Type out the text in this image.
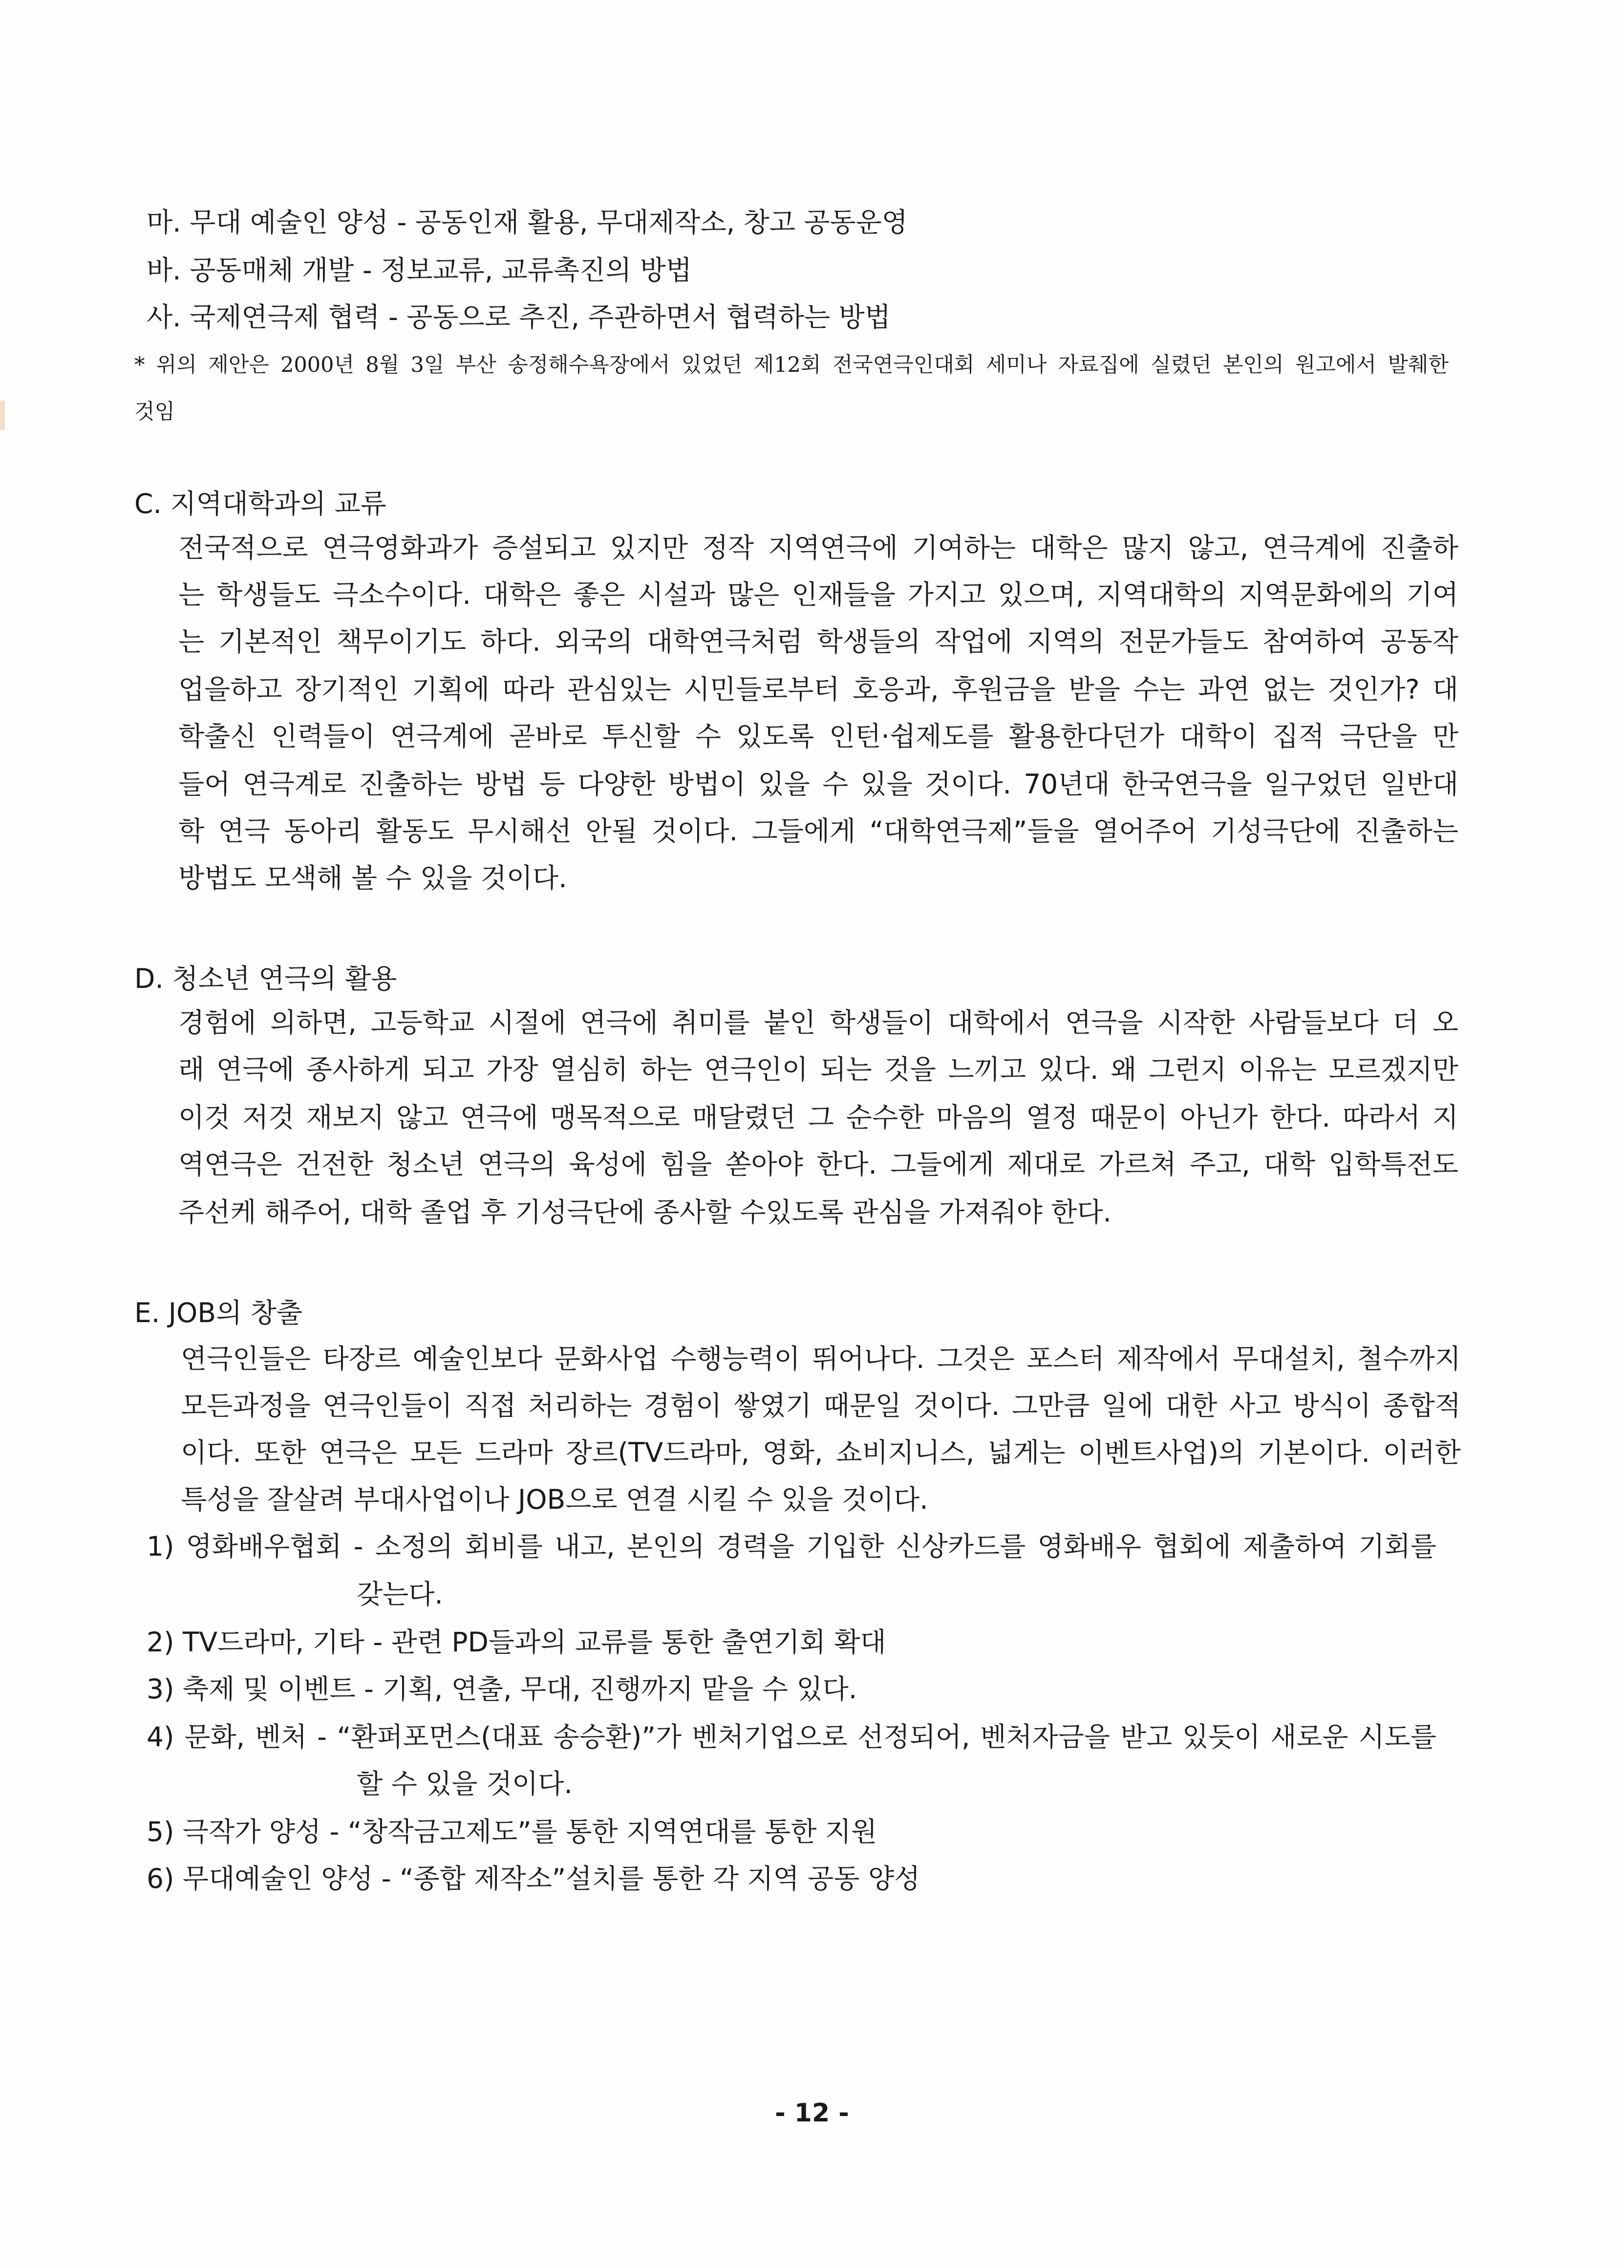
마. 무대 예술인 양성 - 공동인재 활용, 무대제작소, 창고 공동운영
바. 공동매체 개발 - 정보교류, 교류촉진의 방법
사. 국제연극제 협력 - 공동으로 추진, 주관하면서 협력하는 방법
* 위의 제안은 2000년 8월 3일 부산 송정해수욕장에서 있었던 제12회 전국연극인대회 세미나 자료집에 실렸던 본인의 원고에서 발췌한
것임
C. 지역대학과의 교류
전국적으로 연극영화과가 증설되고 있지만 정작 지역연극에 기여하는 대학은 많지 않고, 연극계에 진출하
는 학생들도 극소수이다. 대학은 좋은 시설과 많은 인재들을 가지고 있으며, 지역대학의 지역문화에의 기여
는 기본적인 책무이기도 하다. 외국의 대학연극처럼 학생들의 작업에 지역의 전문가들도 참여하여 공동작
업을하고 장기적인 기획에 따라 관심있는 시민들로부터 호응과, 후원금을 받을 수는 과연 없는 것인가? 대
학출신 인력들이 연극계에 곧바로 투신할 수 있도록 인턴·쉽제도를 활용한다던가 대학이 집적 극단을 만
들어 연극계로 진출하는 방법 등 다양한 방법이 있을 수 있을 것이다. 70년대 한국연극을 일구었던 일반대
학 연극 동아리 활동도 무시해선 안될 것이다. 그들에게 “대학연극제”들을 열어주어 기성극단에 진출하는
방법도 모색해 볼 수 있을 것이다.
D. 청소년 연극의 활용
경험에 의하면, 고등학교 시절에 연극에 취미를 붙인 학생들이 대학에서 연극을 시작한 사람들보다 더 오
래 연극에 종사하게 되고 가장 열심히 하는 연극인이 되는 것을 느끼고 있다. 왜 그런지 이유는 모르겠지만
이것 저것 재보지 않고 연극에 맹목적으로 매달렸던 그 순수한 마음의 열정 때문이 아닌가 한다. 따라서 지
역연극은 건전한 청소년 연극의 육성에 힘을 쏟아야 한다. 그들에게 제대로 가르쳐 주고, 대학 입학특전도
주선케 해주어, 대학 졸업 후 기성극단에 종사할 수있도록 관심을 가져줘야 한다.
E. JOB의 창출
연극인들은 타장르 예술인보다 문화사업 수행능력이 뛰어나다. 그것은 포스터 제작에서 무대설치, 철수까지
모든과정을 연극인들이 직접 처리하는 경험이 쌓였기 때문일 것이다. 그만큼 일에 대한 사고 방식이 종합적
이다. 또한 연극은 모든 드라마 장르(TV드라마, 영화, 쇼비지니스, 넓게는 이벤트사업)의 기본이다. 이러한
특성을 잘살려 부대사업이나 JOB으로 연결 시킬 수 있을 것이다.
1) 영화배우협회 - 소정의 회비를 내고, 본인의 경력을 기입한 신상카드를 영화배우 협회에 제출하여 기회를
갖는다.
2) TV드라마, 기타 - 관련 PD들과의 교류를 통한 출연기회 확대
3) 축제 및 이벤트 - 기획, 연출, 무대, 진행까지 맡을 수 있다.
4) 문화, 벤처 - “환퍼포먼스(대표 송승환)”가 벤처기업으로 선정되어, 벤처자금을 받고 있듯이 새로운 시도를
할 수 있을 것이다.
5) 극작가 양성 - “창작금고제도”를 통한 지역연대를 통한 지원
6) 무대예술인 양성 - “종합 제작소”설치를 통한 각 지역 공동 양성
- 12 -
